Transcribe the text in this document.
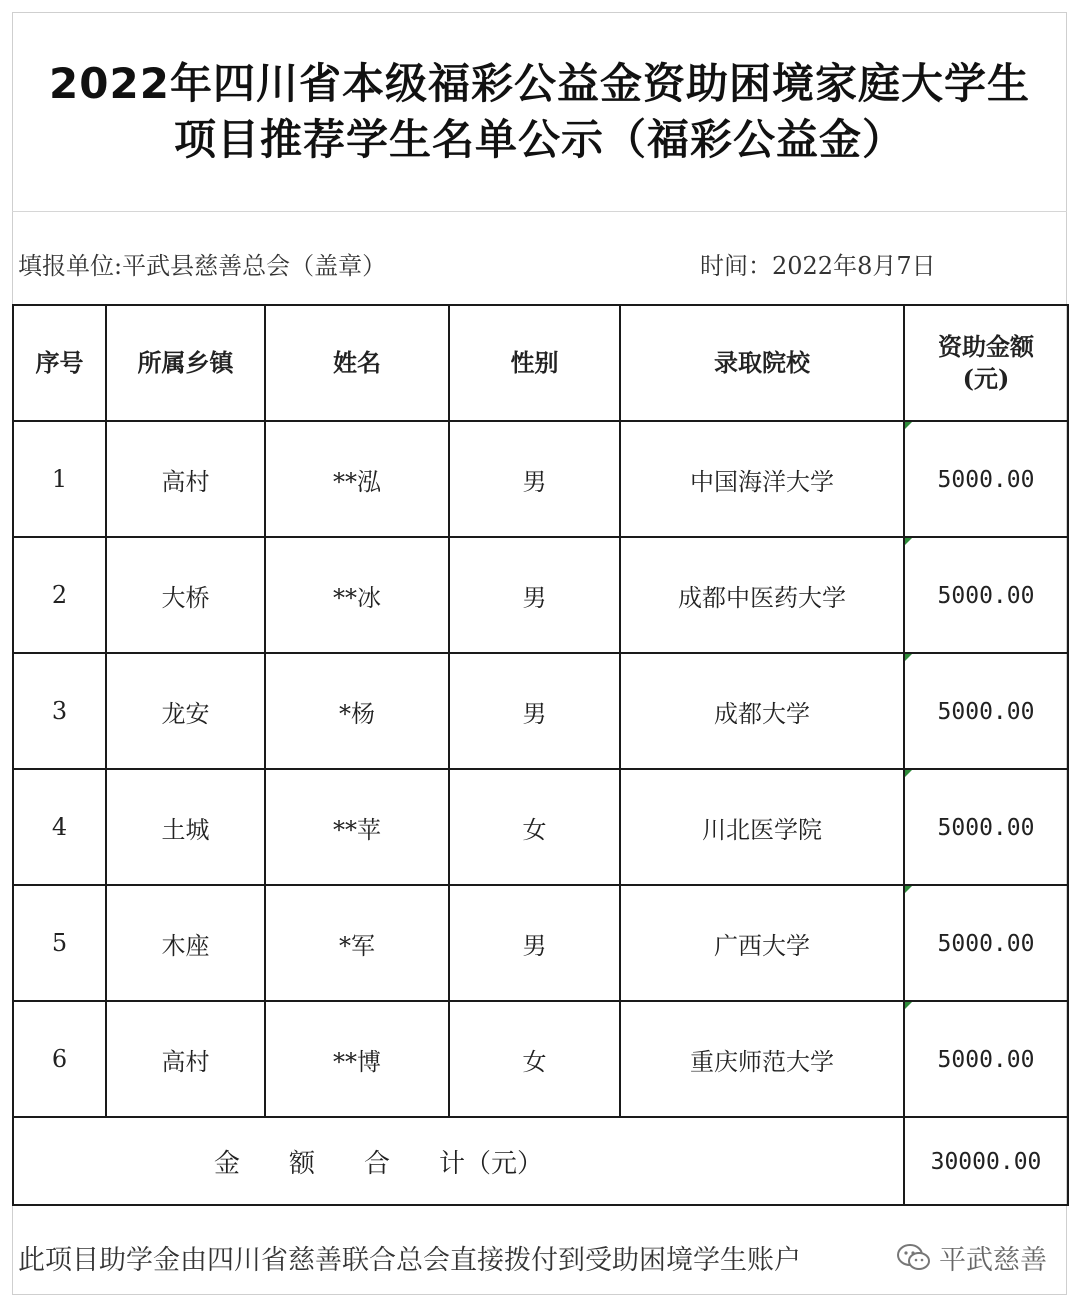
2022年四川省本级福彩公益金资助困境家庭大学生
项目推荐学生名单公示（福彩公益金）
填报单位:平武县慈善总会（盖章）	时间：2022年8月7日
序号	所属乡镇	姓名	性别	录取院校	资助金额
(元)

1	高村	**泓	男	中国海洋大学	5000.00
2	大桥	**冰	男	成都中医药大学	5000.00
3	龙安	*杨	男	成都大学	5000.00
4	土城	**苹	女	川北医学院	5000.00
5	木座	*军	男	广西大学	5000.00
6	高村	**博	女	重庆师范大学	5000.00

金 额 合 计（元）					30000.00
此项目助学金由四川省慈善联合总会直接拨付到受助困境学生账户	平武慈善
